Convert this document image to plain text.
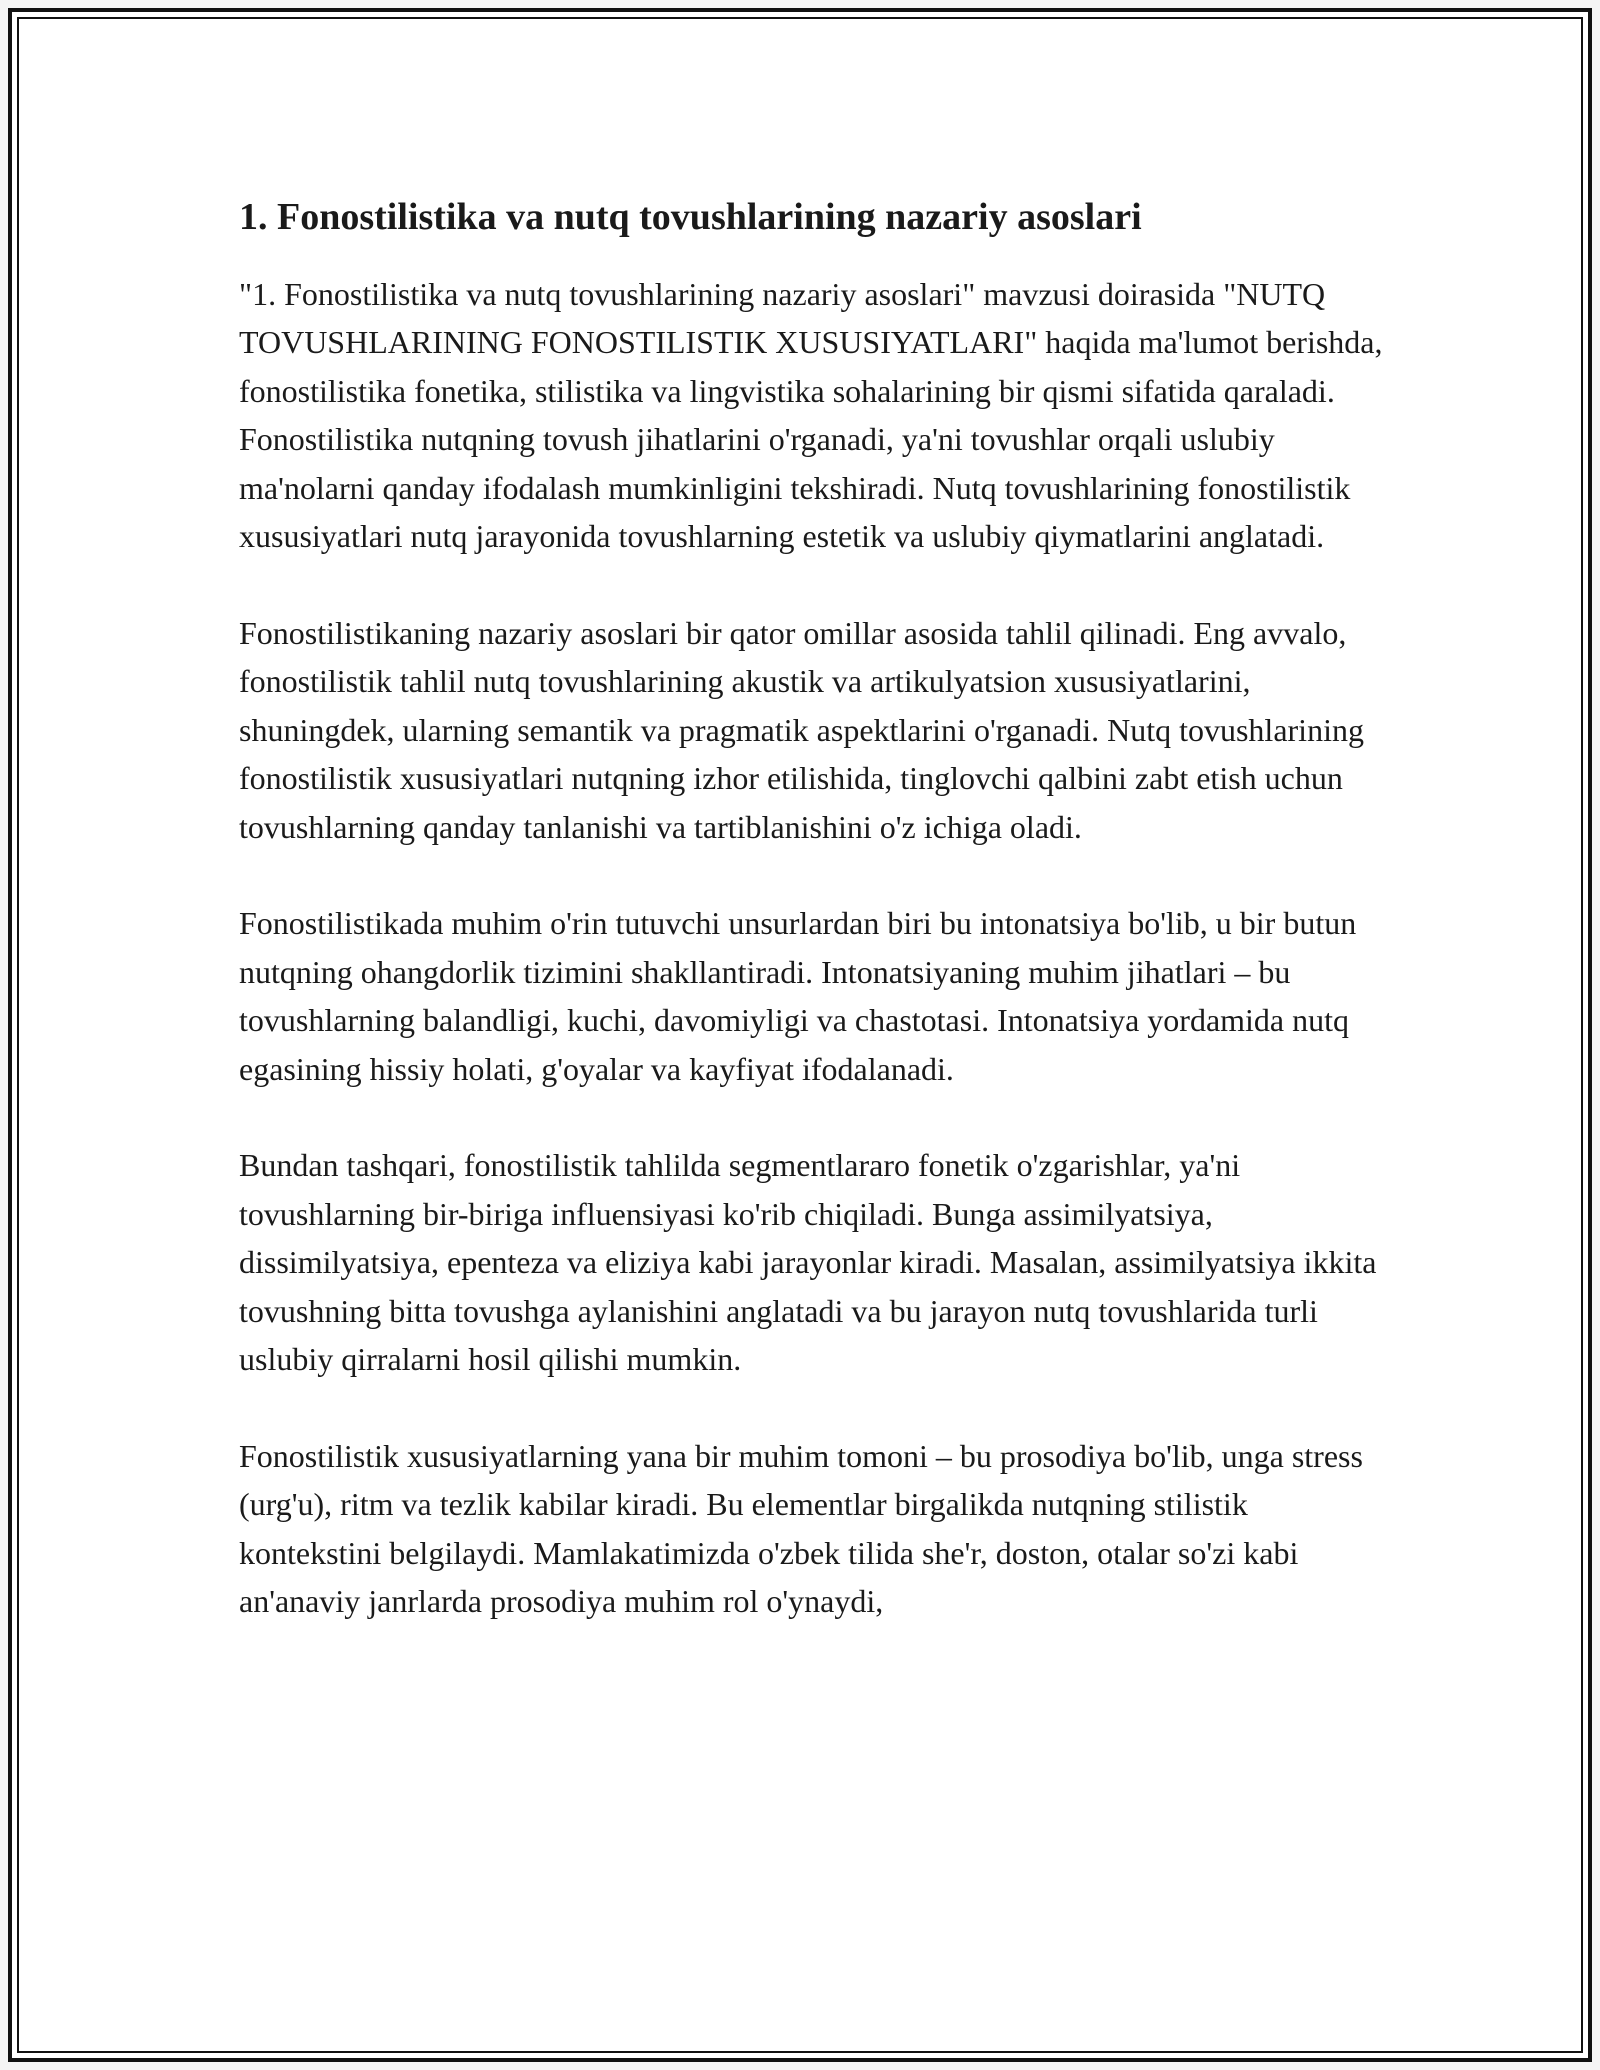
1. Fonostilistika va nutq tovushlarining nazariy asoslari

"1. Fonostilistika va nutq tovushlarining nazariy asoslari" mavzusi doirasida "NUTQ TOVUSHLARINING FONOSTILISTIK XUSUSIYATLARI" haqida ma'lumot berishda, fonostilistika fonetika, stilistika va lingvistika sohalarining bir qismi sifatida qaraladi. Fonostilistika nutqning tovush jihatlarini o'rganadi, ya'ni tovushlar orqali uslubiy ma'nolarni qanday ifodalash mumkinligini tekshiradi. Nutq tovushlarining fonostilistik xususiyatlari nutq jarayonida tovushlarning estetik va uslubiy qiymatlarini anglatadi.

Fonostilistikaning nazariy asoslari bir qator omillar asosida tahlil qilinadi. Eng avvalo, fonostilistik tahlil nutq tovushlarining akustik va artikulyatsion xususiyatlarini, shuningdek, ularning semantik va pragmatik aspektlarini o'rganadi. Nutq tovushlarining fonostilistik xususiyatlari nutqning izhor etilishida, tinglovchi qalbini zabt etish uchun tovushlarning qanday tanlanishi va tartiblanishini o'z ichiga oladi.

Fonostilistikada muhim o'rin tutuvchi unsurlardan biri bu intonatsiya bo'lib, u bir butun nutqning ohangdorlik tizimini shakllantiradi. Intonatsiyaning muhim jihatlari – bu tovushlarning balandligi, kuchi, davomiyligi va chastotasi. Intonatsiya yordamida nutq egasining hissiy holati, g'oyalar va kayfiyat ifodalanadi.

Bundan tashqari, fonostilistik tahlilda segmentlararo fonetik o'zgarishlar, ya'ni tovushlarning bir-biriga influensiyasi ko'rib chiqiladi. Bunga assimilyatsiya, dissimilyatsiya, epenteza va eliziya kabi jarayonlar kiradi. Masalan, assimilyatsiya ikkita tovushning bitta tovushga aylanishini anglatadi va bu jarayon nutq tovushlarida turli uslubiy qirralarni hosil qilishi mumkin.

Fonostilistik xususiyatlarning yana bir muhim tomoni – bu prosodiya bo'lib, unga stress (urg'u), ritm va tezlik kabilar kiradi. Bu elementlar birgalikda nutqning stilistik kontekstini belgilaydi. Mamlakatimizda o'zbek tilida she'r, doston, otalar so'zi kabi an'anaviy janrlarda prosodiya muhim rol o'ynaydi,
